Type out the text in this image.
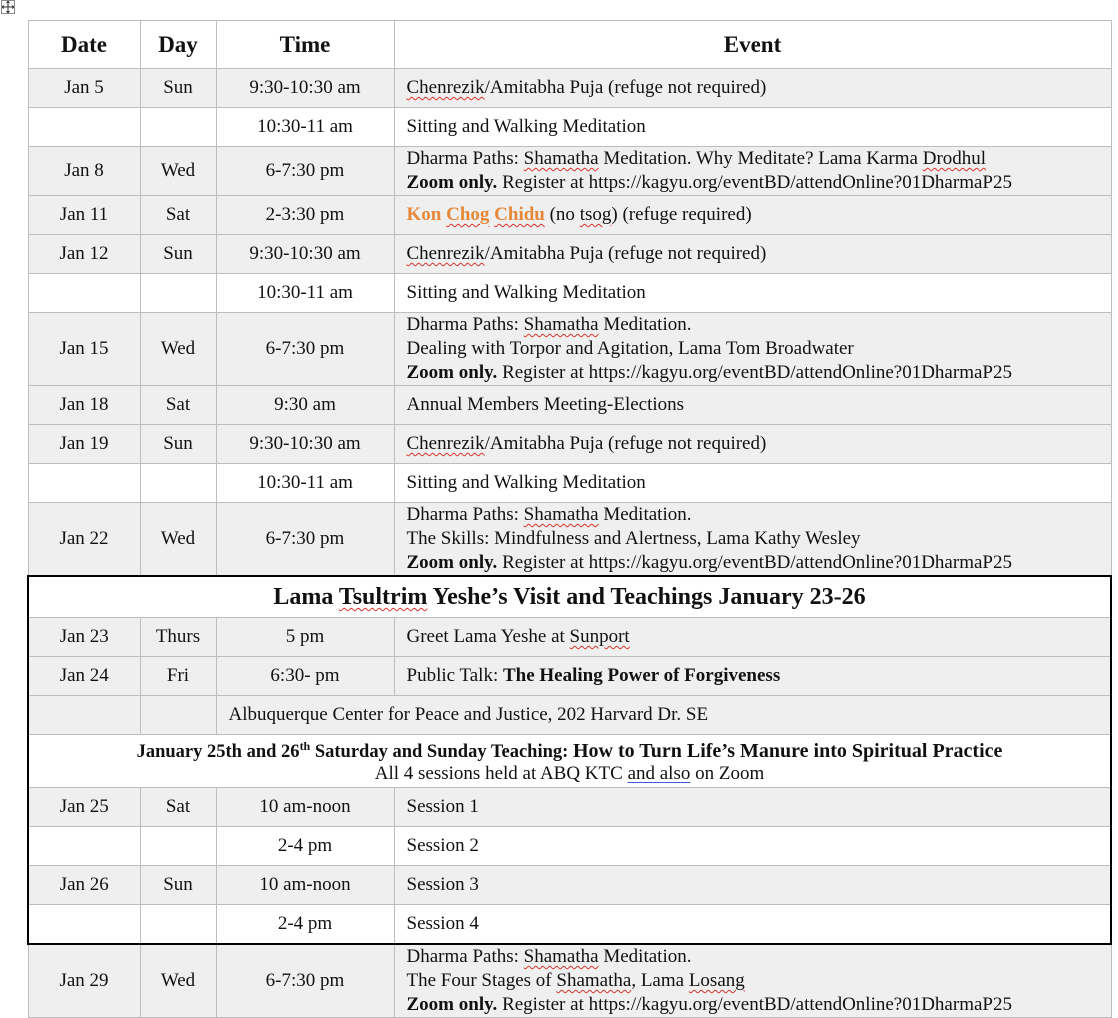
Date	Day	Time	Event
Jan 5	Sun	9:30-10:30 am	Chenrezik/Amitabha Puja (refuge not required)
		10:30-11 am	Sitting and Walking Meditation
Jan 8	Wed	6-7:30 pm	Dharma Paths: Shamatha Meditation. Why Meditate? Lama Karma Drodhul
Zoom only. Register at https://kagyu.org/eventBD/attendOnline?01DharmaP25

Jan 11	Sat	2-3:30 pm	Kon Chog Chidu (no tsog) (refuge required)
Jan 12	Sun	9:30-10:30 am	Chenrezik/Amitabha Puja (refuge not required)
		10:30-11 am	Sitting and Walking Meditation
Jan 15	Wed	6-7:30 pm	Dharma Paths: Shamatha Meditation.
Dealing with Torpor and Agitation, Lama Tom Broadwater
Zoom only. Register at https://kagyu.org/eventBD/attendOnline?01DharmaP25

Jan 18	Sat	9:30 am	Annual Members Meeting-Elections
Jan 19	Sun	9:30-10:30 am	Chenrezik/Amitabha Puja (refuge not required)
		10:30-11 am	Sitting and Walking Meditation
Jan 22	Wed	6-7:30 pm	Dharma Paths: Shamatha Meditation.
The Skills: Mindfulness and Alertness, Lama Kathy Wesley
Zoom only. Register at https://kagyu.org/eventBD/attendOnline?01DharmaP25

Lama Tsultrim Yeshe’s Visit and Teachings January 23-26			
Jan 23	Thurs	5 pm	Greet Lama Yeshe at Sunport
Jan 24	Fri	6:30- pm	Public Talk: The Healing Power of Forgiveness
		Albuquerque Center for Peace and Justice, 202 Harvard Dr. SE	

January 25th and 26th Saturday and Sunday Teaching: How to Turn Life’s Manure into Spiritual Practice
All 4 sessions held at ABQ KTC and also on Zoom			

Jan 25	Sat	10 am-noon	Session 1
		2-4 pm	Session 2
Jan 26	Sun	10 am-noon	Session 3
		2-4 pm	Session 4
Jan 29	Wed	6-7:30 pm	Dharma Paths: Shamatha Meditation.
The Four Stages of Shamatha, Lama Losang
Zoom only. Register at https://kagyu.org/eventBD/attendOnline?01DharmaP25
